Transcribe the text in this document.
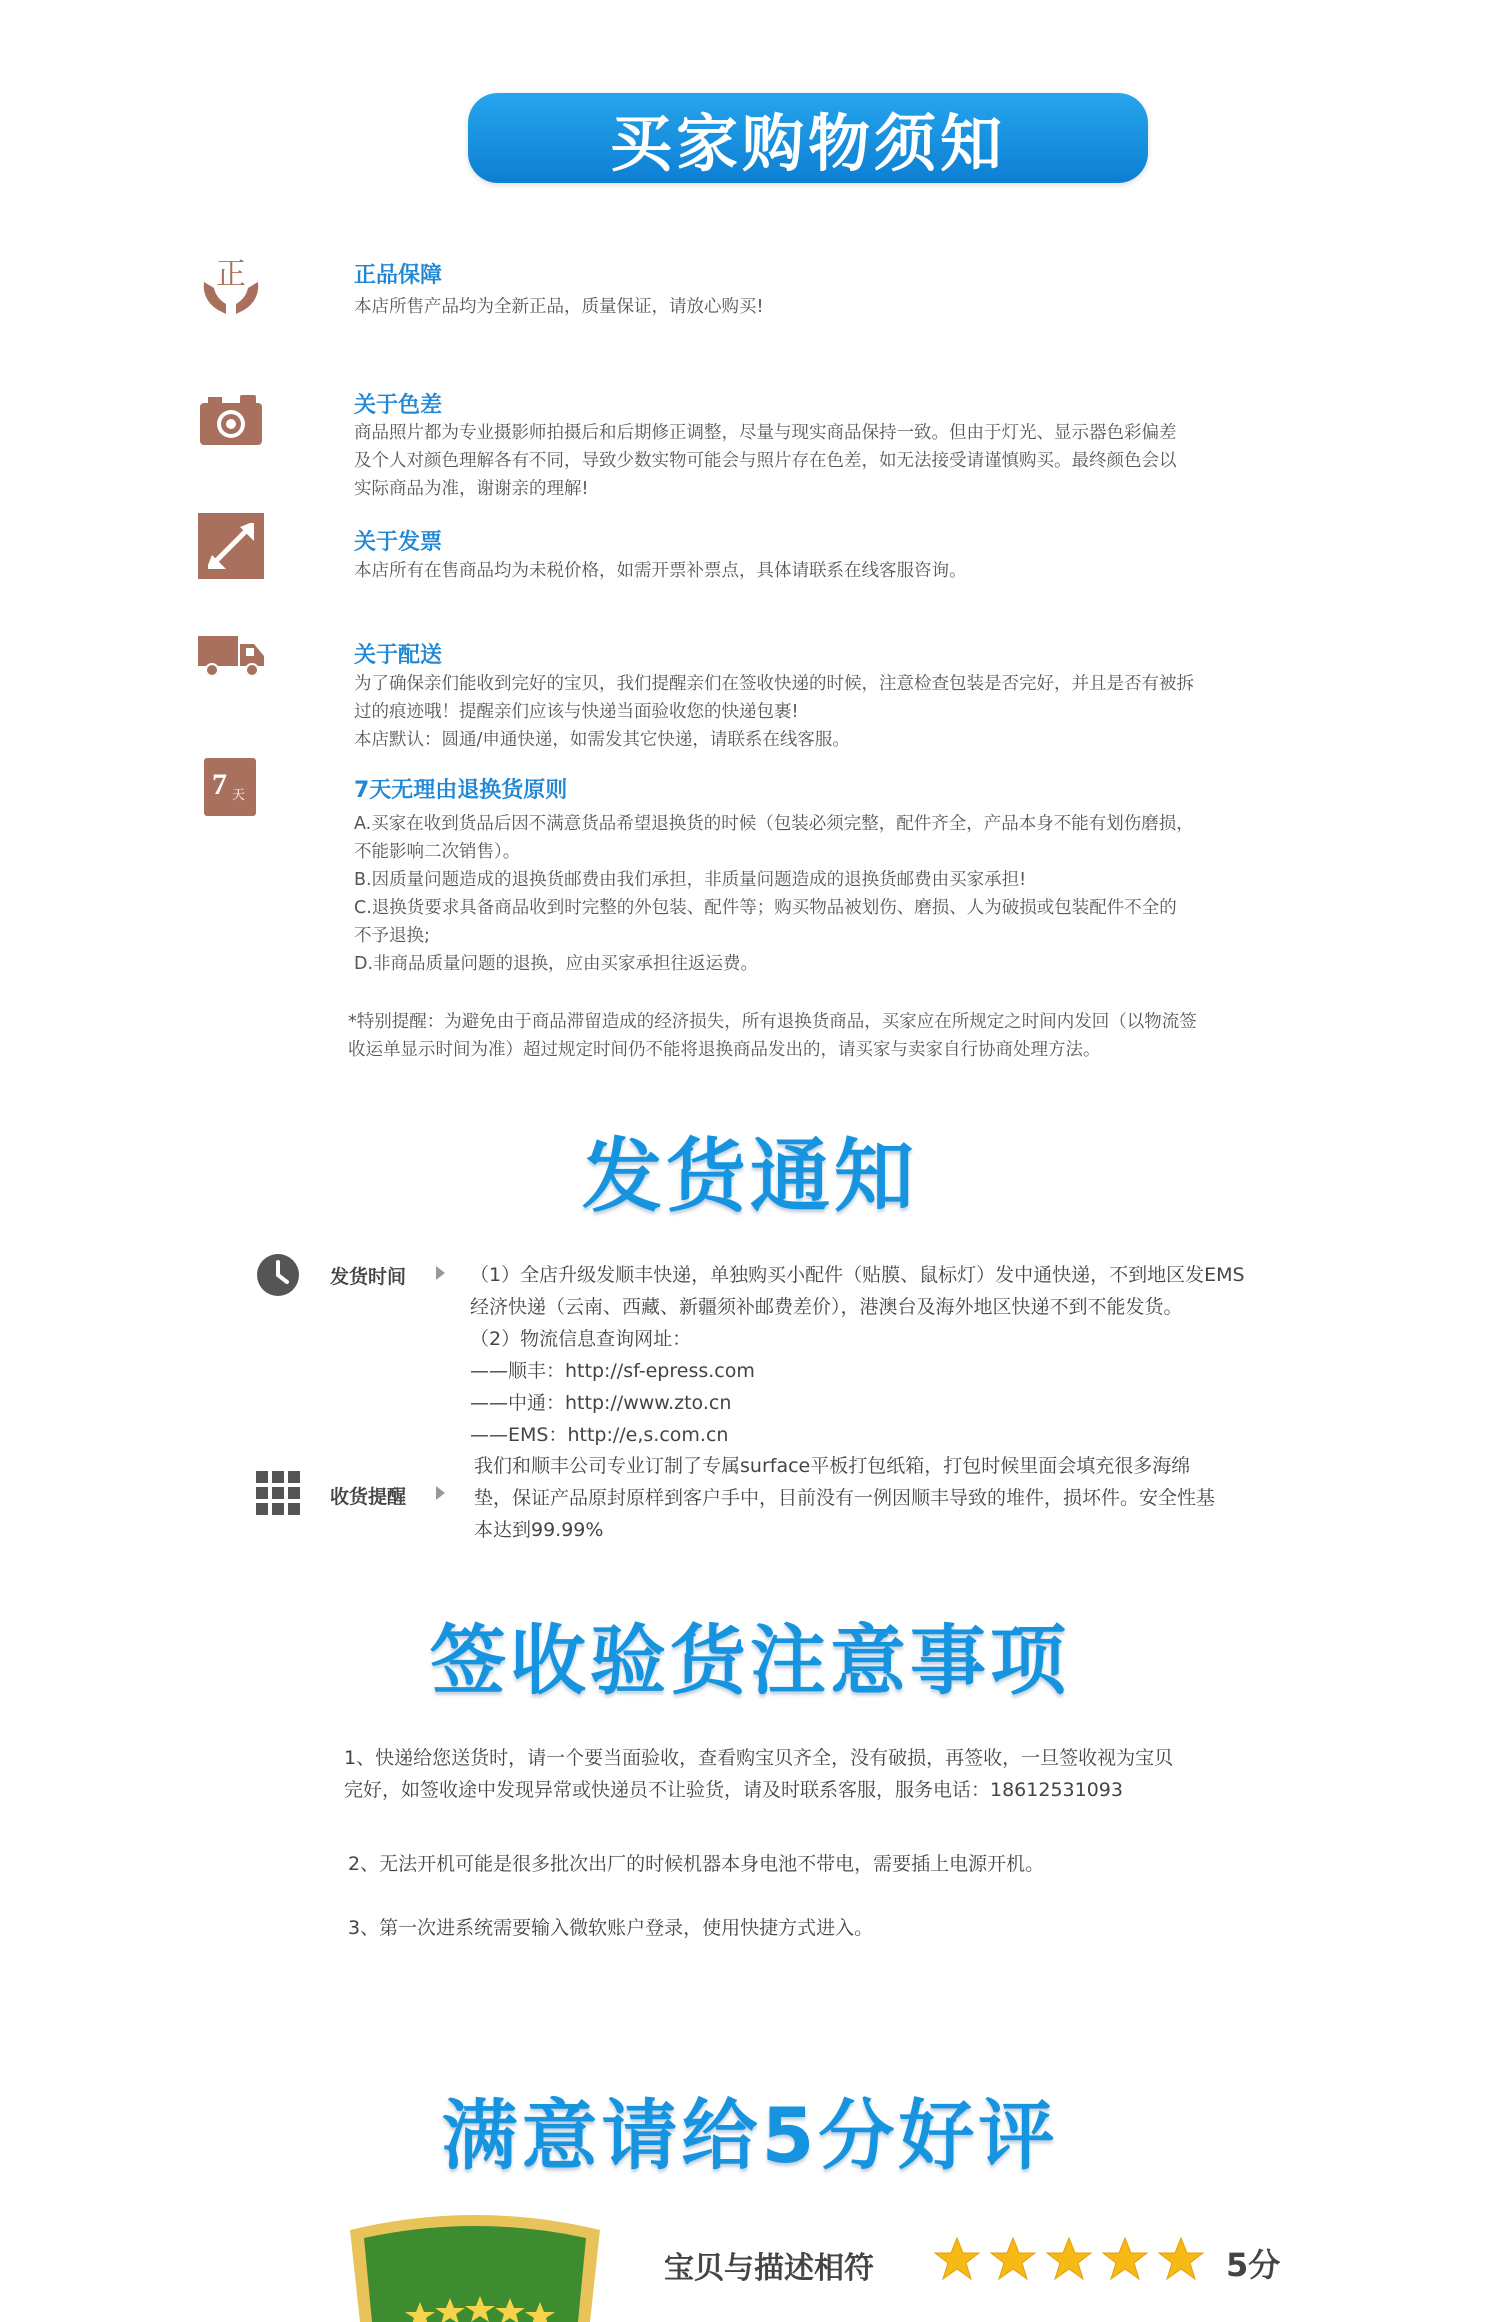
买家购物须知
正
7 天
正品保障
本店所售产品均为全新正品，质量保证，请放心购买!
关于色差
商品照片都为专业摄影师拍摄后和后期修正调整，尽量与现实商品保持一致。但由于灯光、显示器色彩偏差
及个人对颜色理解各有不同，导致少数实物可能会与照片存在色差，如无法接受请谨慎购买。最终颜色会以
实际商品为准，谢谢亲的理解!
关于发票
本店所有在售商品均为未税价格，如需开票补票点，具体请联系在线客服咨询。
关于配送
为了确保亲们能收到完好的宝贝，我们提醒亲们在签收快递的时候，注意检查包装是否完好，并且是否有被拆
过的痕迹哦！提醒亲们应该与快递当面验收您的快递包裹!
本店默认：圆通/申通快递，如需发其它快递，请联系在线客服。
7天无理由退换货原则
A.买家在收到货品后因不满意货品希望退换货的时候（包装必须完整，配件齐全，产品本身不能有划伤磨损，
不能影响二次销售）。
B.因质量问题造成的退换货邮费由我们承担，非质量问题造成的退换货邮费由买家承担!
C.退换货要求具备商品收到时完整的外包装、配件等；购买物品被划伤、磨损、人为破损或包装配件不全的
不予退换;
D.非商品质量问题的退换，应由买家承担往返运费。
*特别提醒：为避免由于商品滞留造成的经济损失，所有退换货商品，买家应在所规定之时间内发回（以物流签
收运单显示时间为准）超过规定时间仍不能将退换商品发出的，请买家与卖家自行协商处理方法。
发货通知
发货时间	（1）全店升级发顺丰快递，单独购买小配件（贴膜、鼠标灯）发中通快递，不到地区发EMS
经济快递（云南、西藏、新疆须补邮费差价），港澳台及海外地区快递不到不能发货。
（2）物流信息查询网址：
——顺丰：http://sf-epress.com
——中通：http://www.zto.cn
——EMS：http://e,s.com.cn
收货提醒
我们和顺丰公司专业订制了专属surface平板打包纸箱，打包时候里面会填充很多海绵
垫，保证产品原封原样到客户手中，目前没有一例因顺丰导致的堆件，损坏件。安全性基
本达到99.99%
签收验货注意事项
1、快递给您送货时，请一个要当面验收，查看购宝贝齐全，没有破损，再签收，一旦签收视为宝贝
完好，如签收途中发现异常或快递员不让验货，请及时联系客服，服务电话：18612531093
2、无法开机可能是很多批次出厂的时候机器本身电池不带电，需要插上电源开机。
3、第一次进系统需要输入微软账户登录，使用快捷方式进入。
满意请给5分好评
宝贝与描述相符	5分
